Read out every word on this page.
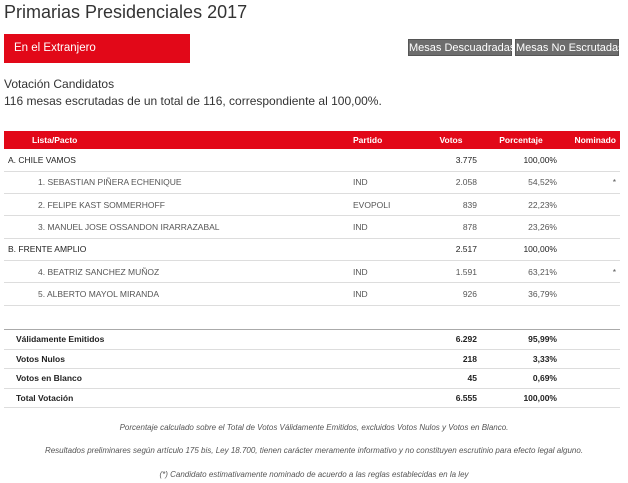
Primarias Presidenciales 2017
En el Extranjero	Mesas Descuadradas Mesas No Escrutadas
Votación Candidatos
116 mesas escrutadas de un total de 116, correspondiente al 100,00%.
Lista/Pacto	Partido	Votos	Porcentaje	Nominado
A. CHILE VAMOS		3.775	100,00%	
1. SEBASTIAN PIÑERA ECHENIQUE	IND	2.058	54,52%	*
2. FELIPE KAST SOMMERHOFF	EVOPOLI	839	22,23%	
3. MANUEL JOSE OSSANDON IRARRAZABAL	IND	878	23,26%	
B. FRENTE AMPLIO		2.517	100,00%	
4. BEATRIZ SANCHEZ MUÑOZ	IND	1.591	63,21%	*
5. ALBERTO MAYOL MIRANDA	IND	926	36,79%	
Válidamente Emitidos		6.292	95,99%	
Votos Nulos		218	3,33%	
Votos en Blanco		45	0,69%	
Total Votación		6.555	100,00%	
Porcentaje calculado sobre el Total de Votos Válidamente Emitidos, excluidos Votos Nulos y Votos en Blanco.
Resultados preliminares según artículo 175 bis, Ley 18.700, tienen carácter meramente informativo y no constituyen escrutinio para efecto legal alguno.
(*) Candidato estimativamente nominado de acuerdo a las reglas establecidas en la ley
